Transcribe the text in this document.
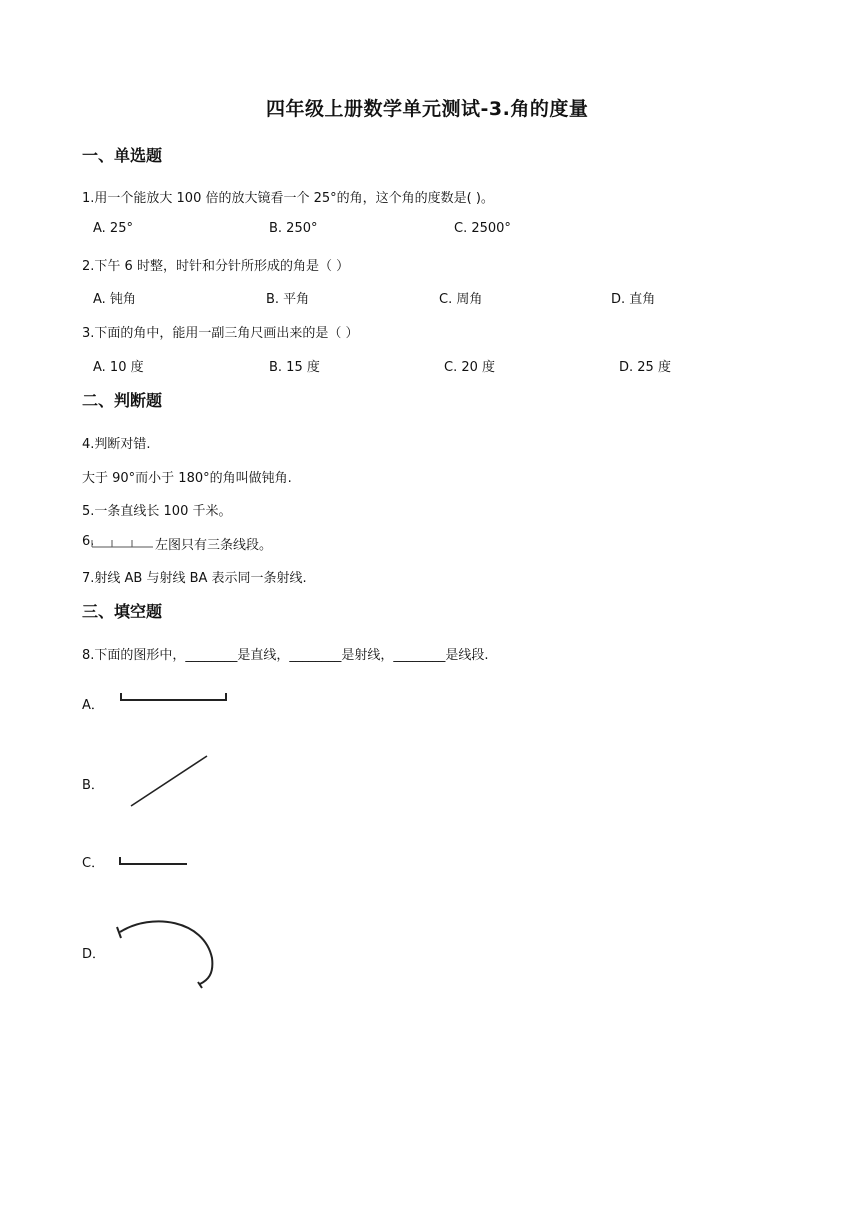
四年级上册数学单元测试-3.角的度量
一、单选题
1.用一个能放大 100 倍的放大镜看一个 25°的角，这个角的度数是( )。
A. 25°	B. 250°	C. 2500°
2.下午 6 时整，时针和分针所形成的角是（ ）
A. 钝角	B. 平角	C. 周角	D. 直角
3.下面的角中，能用一副三角尺画出来的是（ ）
A. 10 度	B. 15 度	C. 20 度	D. 25 度
二、判断题
4.判断对错.
大于 90°而小于 180°的角叫做钝角.
5.一条直线长 100 千米。
6.	左图只有三条线段。
7.射线 AB 与射线 BA 表示同一条射线.
三、填空题
8.下面的图形中，________是直线，________是射线，________是线段.
A．
B．
C．
D．
